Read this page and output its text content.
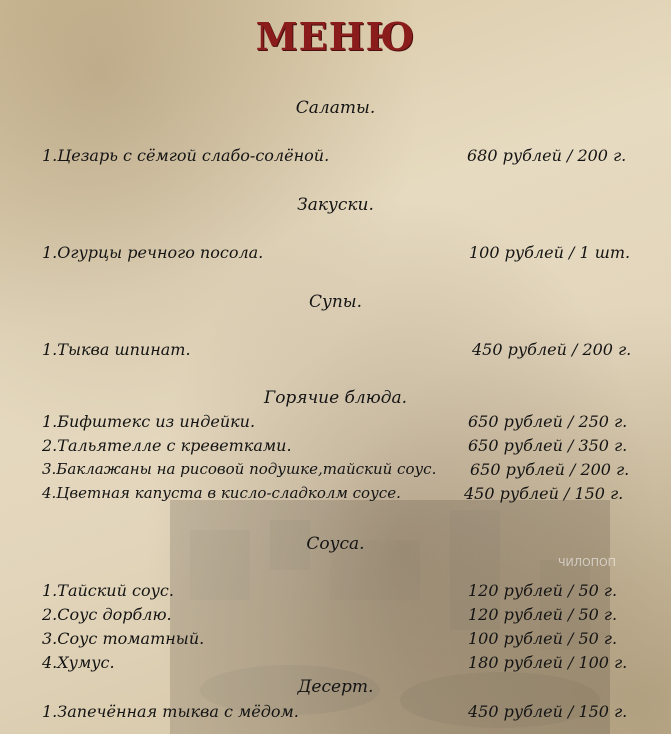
ЧИЛОПОП
МЕНЮ
Салаты.
1.Цезарь с сёмгой слабо-солёной.	680 рублей / 200 г.
Закуски.
1.Огурцы речного посола.	100 рублей / 1 шт.
Супы.
1.Тыква шпинат.	450 рублей / 200 г.
Горячие блюда.
1.Бифштекс из индейки.	650 рублей / 250 г.
2.Тальятелле с креветками.	650 рублей / 350 г.
3.Баклажаны на рисовой подушке,тайский соус. 650 рублей / 200 г.
4.Цветная капуста в кисло-сладколм соусе.	450 рублей / 150 г.
Соуса.
1.Тайский соус.	120 рублей / 50 г.
2.Соус дорблю.	120 рублей / 50 г.
3.Соус томатный.	100 рублей / 50 г.
4.Хумус.	180 рублей / 100 г.
Десерт.
1.Запечённая тыква с мёдом.	450 рублей / 150 г.
